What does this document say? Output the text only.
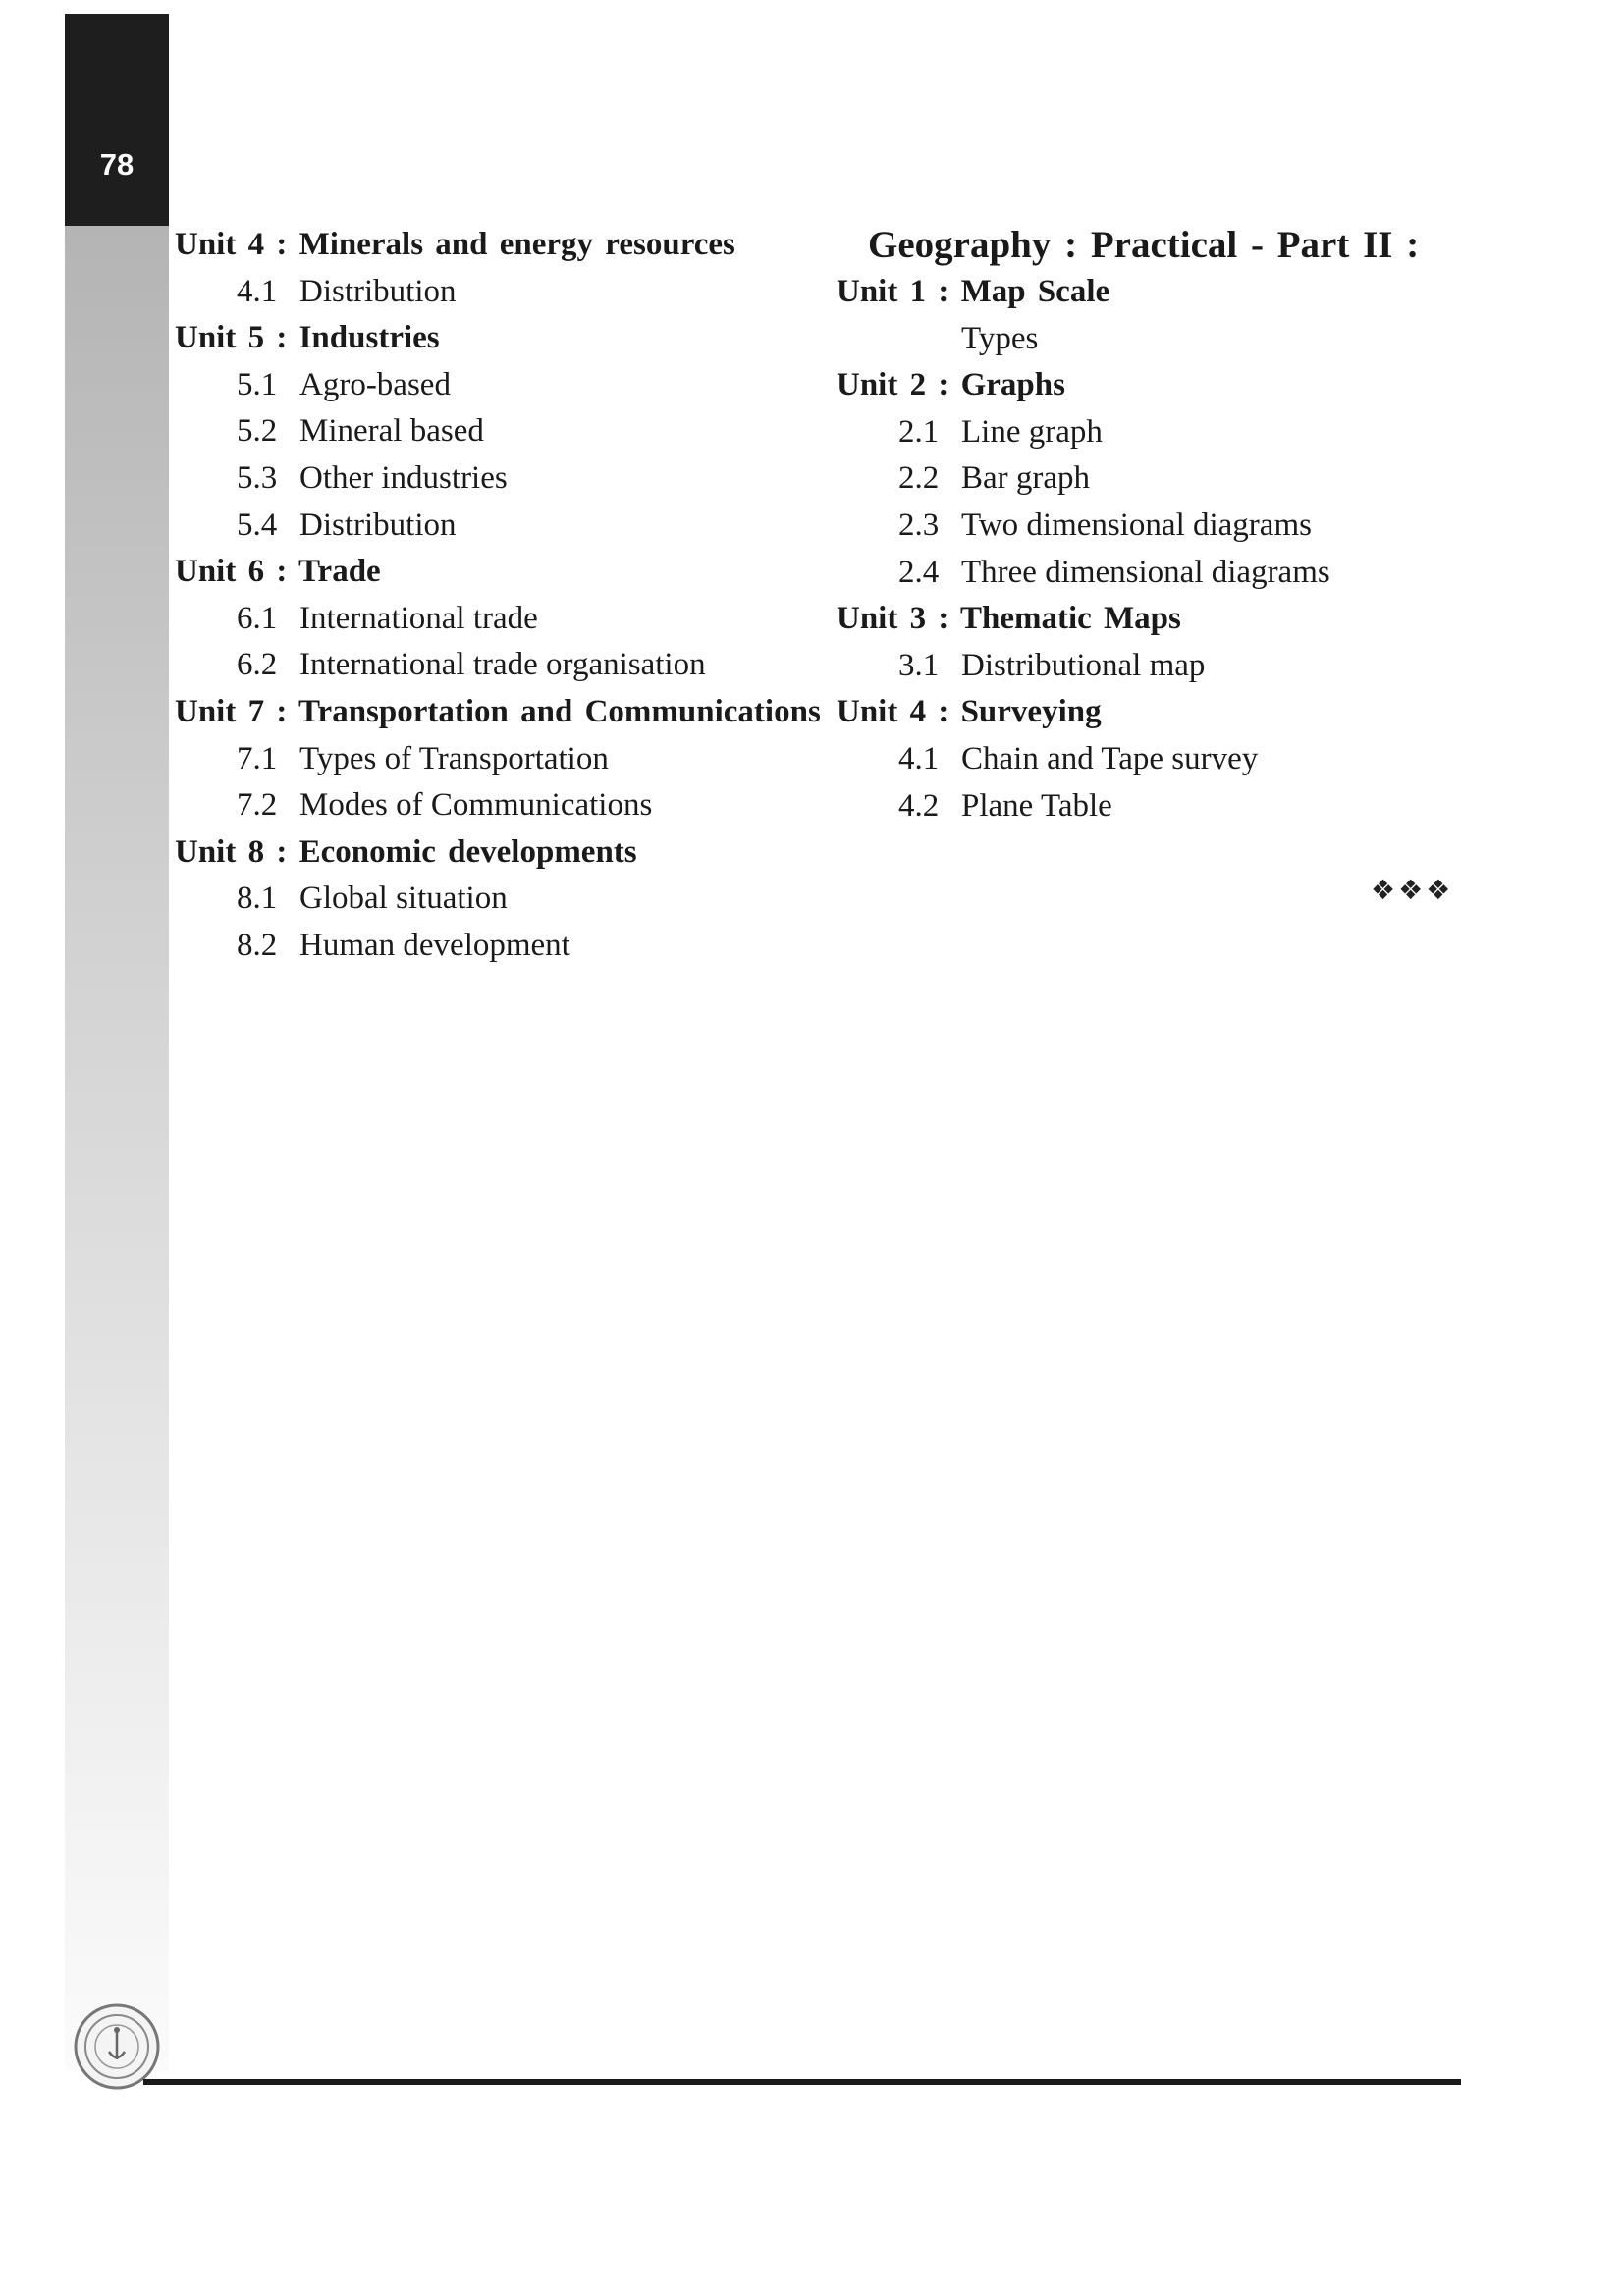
78
Unit 4 : Minerals and energy resources
4.1 Distribution
Unit 5 : Industries
5.1 Agro-based
5.2 Mineral based
5.3 Other industries
5.4 Distribution
Unit 6 : Trade
6.1 International trade
6.2 International trade organisation
Unit 7 : Transportation and Communications
7.1 Types of Transportation
7.2 Modes of Communications
Unit 8 : Economic developments
8.1 Global situation
8.2 Human development
Geography : Practical - Part II :
Unit 1 : Map Scale
Types
Unit 2 : Graphs
2.1 Line graph
2.2 Bar graph
2.3 Two dimensional diagrams
2.4 Three dimensional diagrams
Unit 3 : Thematic Maps
3.1 Distributional map
Unit 4 : Surveying
4.1 Chain and Tape survey
4.2 Plane Table
❖❖❖
